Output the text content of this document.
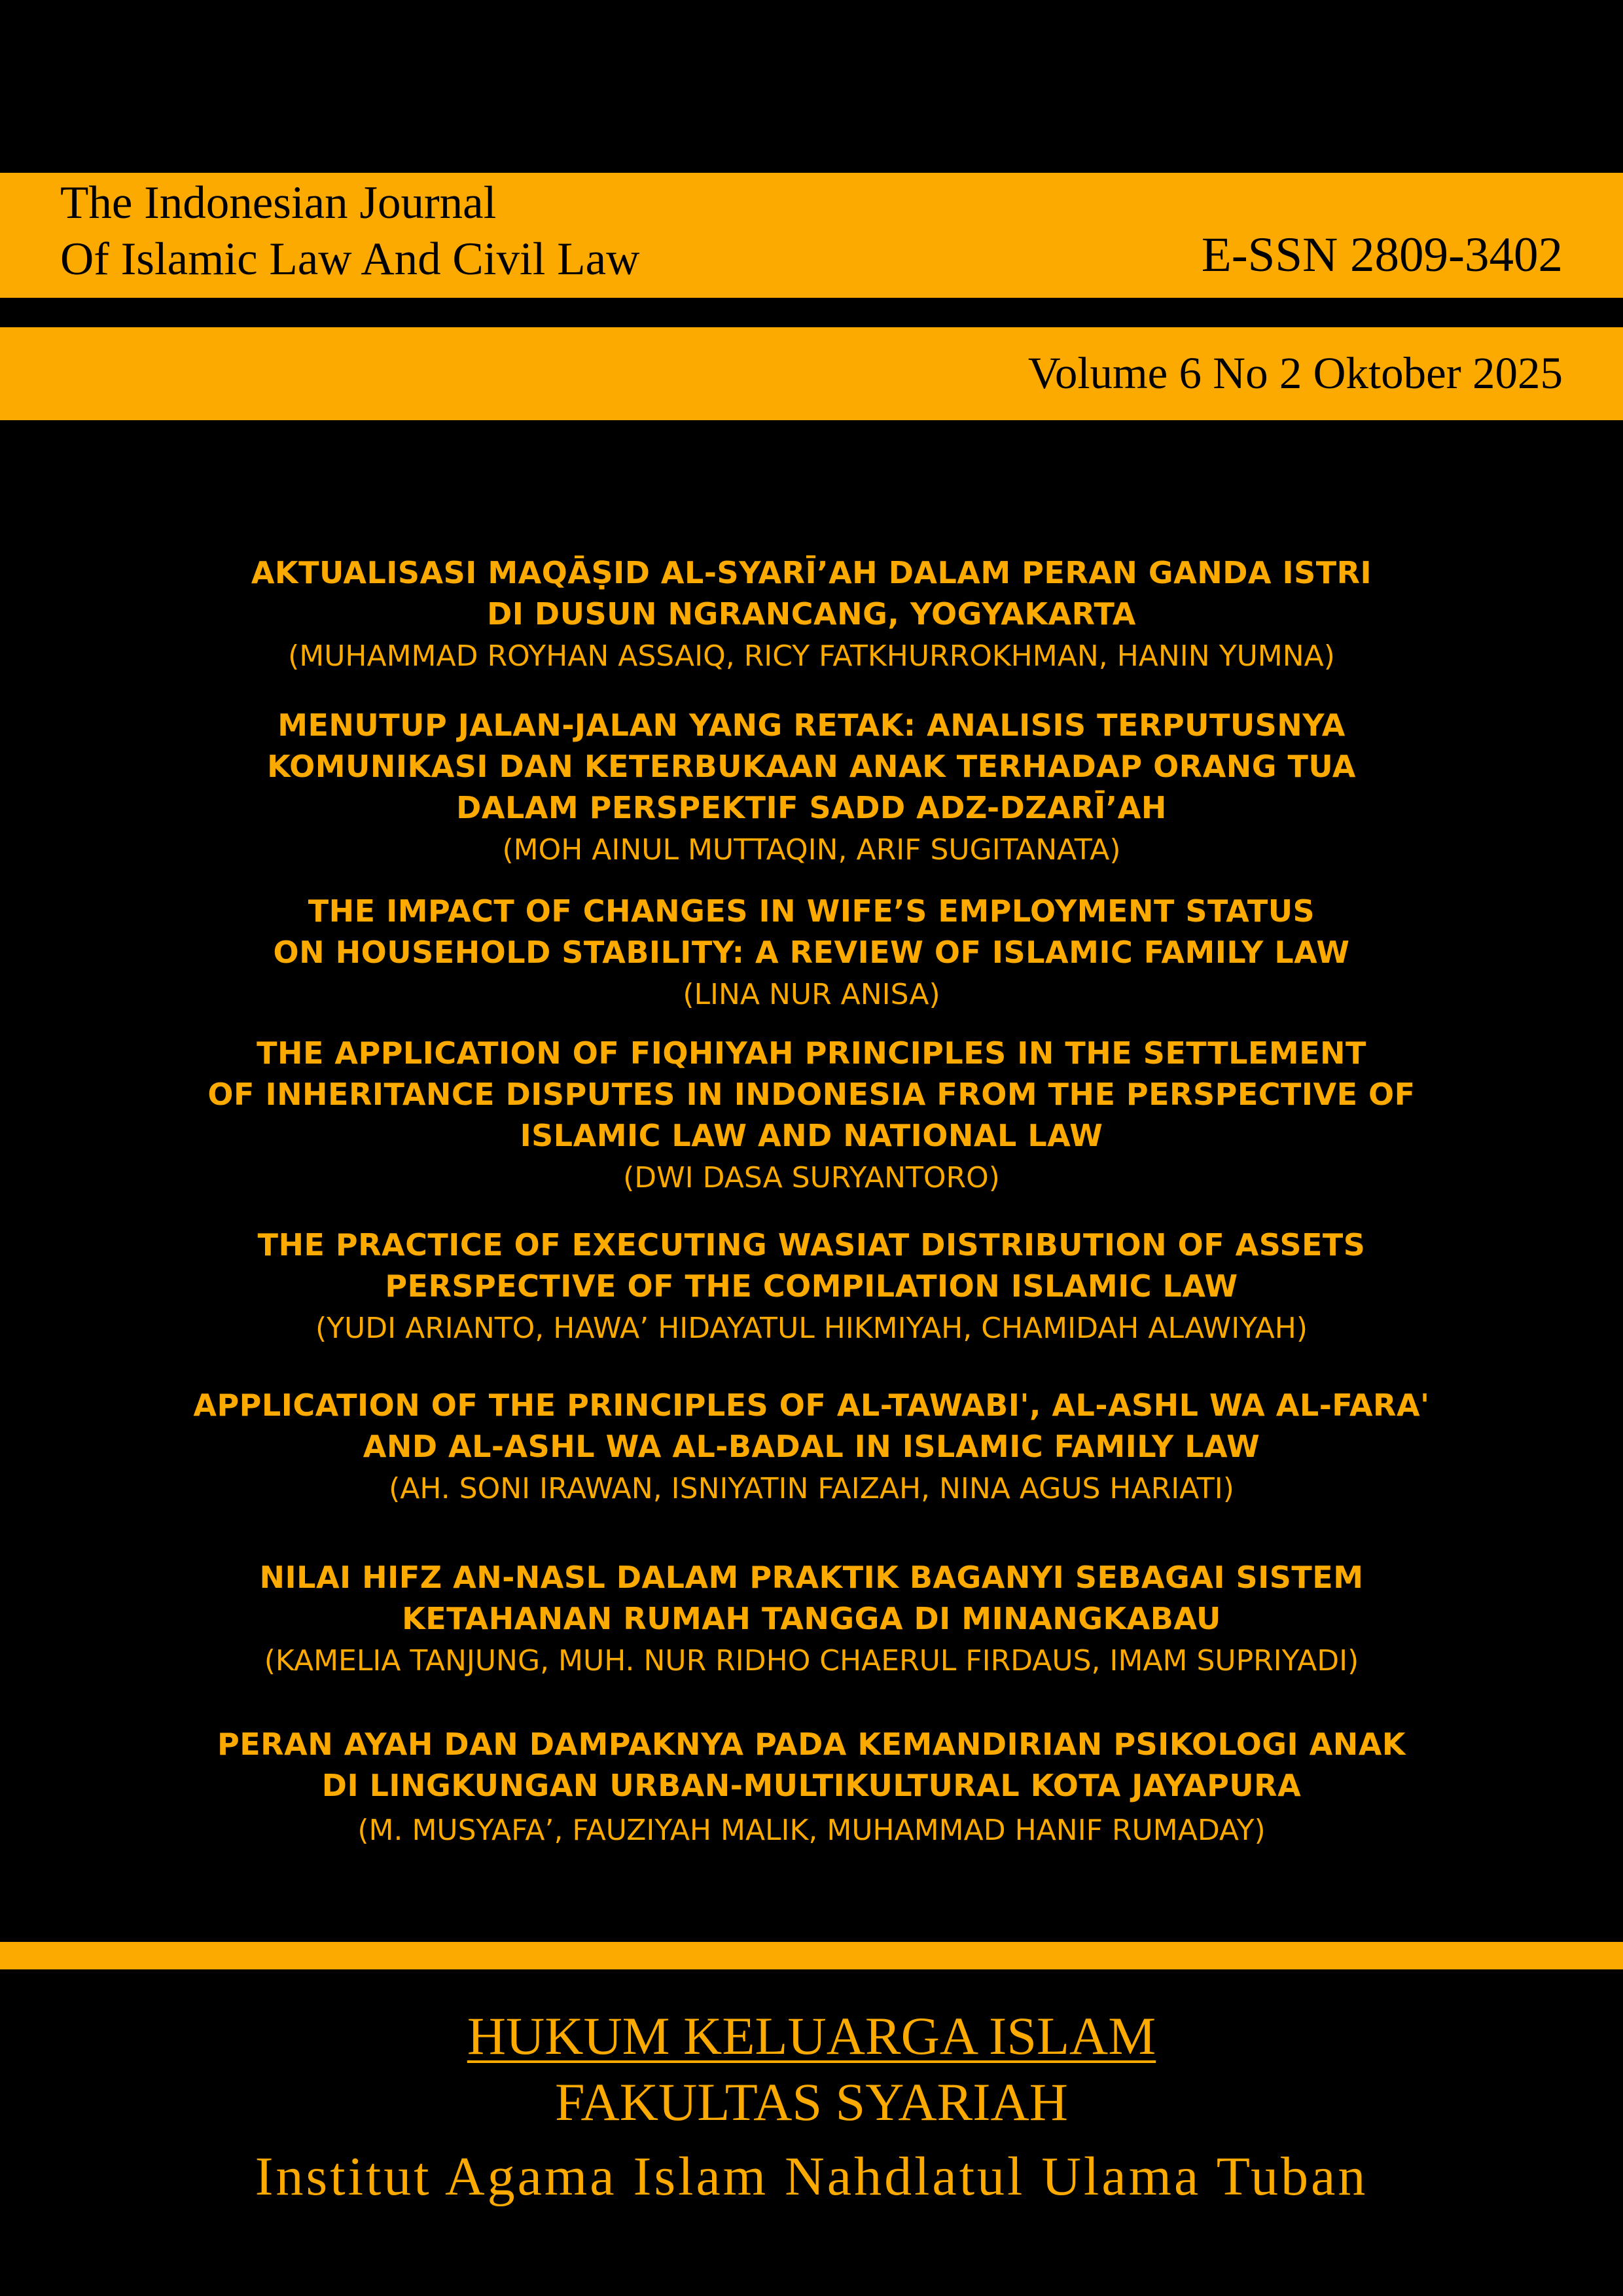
The Indonesian Journal
Of Islamic Law And Civil Law	E-SSN 2809-3402
Volume 6 No 2 Oktober 2025
AKTUALISASI MAQĀṢID AL-SYARĪ’AH DALAM PERAN GANDA ISTRI
DI DUSUN NGRANCANG, YOGYAKARTA
(MUHAMMAD ROYHAN ASSAIQ, RICY FATKHURROKHMAN, HANIN YUMNA)
MENUTUP JALAN-JALAN YANG RETAK: ANALISIS TERPUTUSNYA
KOMUNIKASI DAN KETERBUKAAN ANAK TERHADAP ORANG TUA
DALAM PERSPEKTIF SADD ADZ-DZARĪ’AH
(MOH AINUL MUTTAQIN, ARIF SUGITANATA)
THE IMPACT OF CHANGES IN WIFE’S EMPLOYMENT STATUS
ON HOUSEHOLD STABILITY: A REVIEW OF ISLAMIC FAMILY LAW
(LINA NUR ANISA)
THE APPLICATION OF FIQHIYAH PRINCIPLES IN THE SETTLEMENT
OF INHERITANCE DISPUTES IN INDONESIA FROM THE PERSPECTIVE OF
ISLAMIC LAW AND NATIONAL LAW
(DWI DASA SURYANTORO)
THE PRACTICE OF EXECUTING WASIAT DISTRIBUTION OF ASSETS
PERSPECTIVE OF THE COMPILATION ISLAMIC LAW
(YUDI ARIANTO, HAWA’ HIDAYATUL HIKMIYAH, CHAMIDAH ALAWIYAH)
APPLICATION OF THE PRINCIPLES OF AL-TAWABI', AL-ASHL WA AL-FARA'
AND AL-ASHL WA AL-BADAL IN ISLAMIC FAMILY LAW
(AH. SONI IRAWAN, ISNIYATIN FAIZAH, NINA AGUS HARIATI)
NILAI HIFZ AN-NASL DALAM PRAKTIK BAGANYI SEBAGAI SISTEM
KETAHANAN RUMAH TANGGA DI MINANGKABAU
(KAMELIA TANJUNG, MUH. NUR RIDHO CHAERUL FIRDAUS, IMAM SUPRIYADI)
PERAN AYAH DAN DAMPAKNYA PADA KEMANDIRIAN PSIKOLOGI ANAK
DI LINGKUNGAN URBAN-MULTIKULTURAL KOTA JAYAPURA
(M. MUSYAFA’, FAUZIYAH MALIK, MUHAMMAD HANIF RUMADAY)
HUKUM KELUARGA ISLAM
FAKULTAS SYARIAH
Institut Agama Islam Nahdlatul Ulama Tuban
